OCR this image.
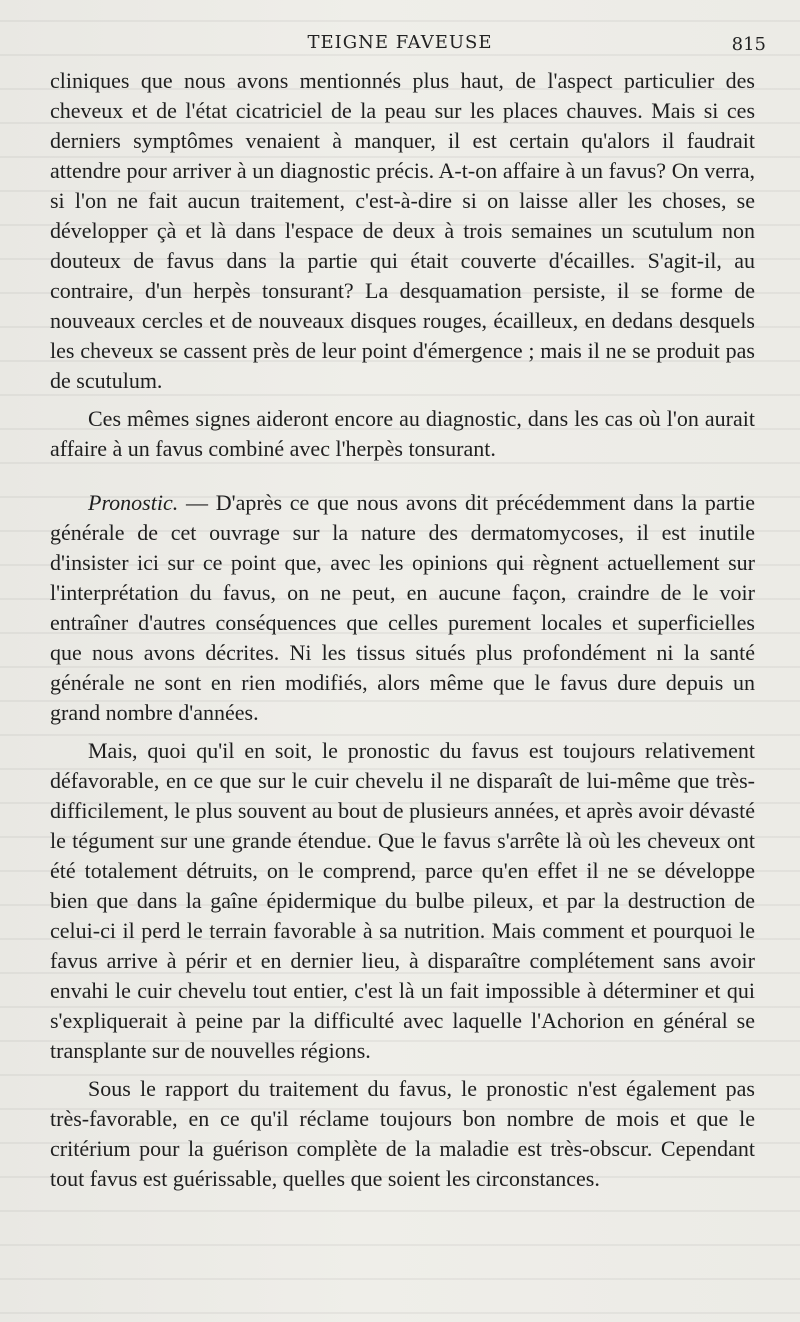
TEIGNE FAVEUSE	815

cliniques que nous avons mentionnés plus haut, de l'aspect particulier des cheveux et de l'état cicatriciel de la peau sur les places chauves. Mais si ces derniers symptômes venaient à manquer, il est certain qu'alors il faudrait attendre pour arriver à un diagnostic précis. A-t-on affaire à un favus? On verra, si l'on ne fait aucun traitement, c'est-à-dire si on laisse aller les choses, se développer çà et là dans l'espace de deux à trois semaines un scutulum non douteux de favus dans la partie qui était couverte d'écailles. S'agit-il, au contraire, d'un herpès tonsurant? La desquamation persiste, il se forme de nouveaux cercles et de nouveaux disques rouges, écailleux, en dedans desquels les cheveux se cassent près de leur point d'émergence ; mais il ne se produit pas de scutulum.

Ces mêmes signes aideront encore au diagnostic, dans les cas où l'on aurait affaire à un favus combiné avec l'herpès tonsurant.

Pronostic. — D'après ce que nous avons dit précédemment dans la partie générale de cet ouvrage sur la nature des dermatomycoses, il est inutile d'insister ici sur ce point que, avec les opinions qui règnent actuellement sur l'interprétation du favus, on ne peut, en aucune façon, craindre de le voir entraîner d'autres conséquences que celles purement locales et superficielles que nous avons décrites. Ni les tissus situés plus profondément ni la santé générale ne sont en rien modifiés, alors même que le favus dure depuis un grand nombre d'années.

Mais, quoi qu'il en soit, le pronostic du favus est toujours relativement défavorable, en ce que sur le cuir chevelu il ne disparaît de lui-même que très-difficilement, le plus souvent au bout de plusieurs années, et après avoir dévasté le tégument sur une grande étendue. Que le favus s'arrête là où les cheveux ont été totalement détruits, on le comprend, parce qu'en effet il ne se développe bien que dans la gaîne épidermique du bulbe pileux, et par la destruction de celui-ci il perd le terrain favorable à sa nutrition. Mais comment et pourquoi le favus arrive à périr et en dernier lieu, à disparaître complétement sans avoir envahi le cuir chevelu tout entier, c'est là un fait impossible à déterminer et qui s'expliquerait à peine par la difficulté avec laquelle l'Achorion en général se transplante sur de nouvelles régions.

Sous le rapport du traitement du favus, le pronostic n'est également pas très-favorable, en ce qu'il réclame toujours bon nombre de mois et que le critérium pour la guérison complète de la maladie est très-obscur. Cependant tout favus est guérissable, quelles que soient les circonstances.
